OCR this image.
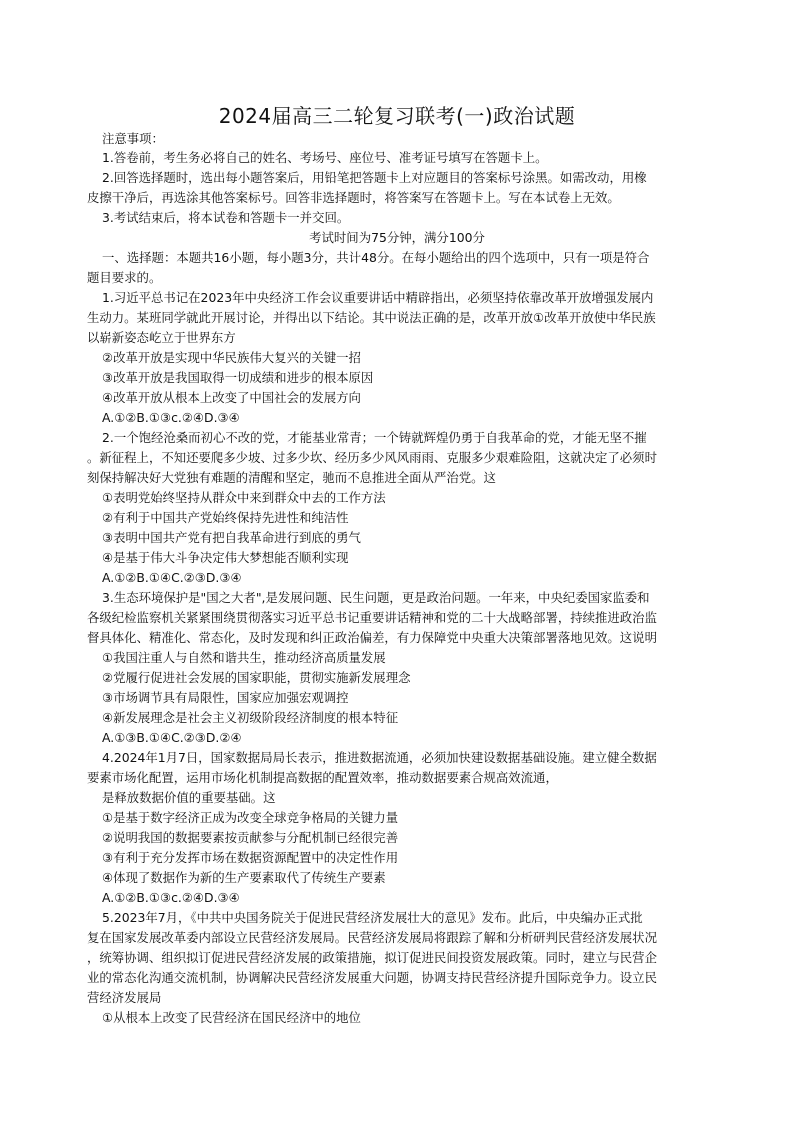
2024届高三二轮复习联考(一)政治试题
注意事项：
1.答卷前，考生务必将自己的姓名、考场号、座位号、准考证号填写在答题卡上。
2.回答选择题时，选出每小题答案后，用铅笔把答题卡上对应题目的答案标号涂黑。如需改动，用橡
皮擦干净后，再选涂其他答案标号。回答非选择题时，将答案写在答题卡上。写在本试卷上无效。
3.考试结束后，将本试卷和答题卡一并交回。
考试时间为75分钟，满分100分
一、选择题：本题共16小题，每小题3分，共计48分。在每小题给出的四个选项中，只有一项是符合
题目要求的。
1.习近平总书记在2023年中央经济工作会议重要讲话中精辟指出，必须坚持依靠改革开放增强发展内
生动力。某班同学就此开展讨论，并得出以下结论。其中说法正确的是，改革开放①改革开放使中华民族
以崭新姿态屹立于世界东方
②改革开放是实现中华民族伟大复兴的关键一招
③改革开放是我国取得一切成绩和进步的根本原因
④改革开放从根本上改变了中国社会的发展方向
A.①②B.①③c.②④D.③④
2.一个饱经沧桑而初心不改的党，才能基业常青；一个铸就辉煌仍勇于自我革命的党，才能无坚不摧
。新征程上，不知还要爬多少坡、过多少坎、经历多少风风雨雨、克服多少艰难险阻，这就决定了必须时
刻保持解决好大党独有难题的清醒和坚定，驰而不息推进全面从严治党。这
①表明党始终坚持从群众中来到群众中去的工作方法
②有利于中国共产党始终保持先进性和纯洁性
③表明中国共产党有把自我革命进行到底的勇气
④是基于伟大斗争决定伟大梦想能否顺利实现
A.①②B.①④C.②③D.③④
3.生态环境保护是"国之大者",是发展问题、民生问题，更是政治问题。一年来，中央纪委国家监委和
各级纪检监察机关紧紧围绕贯彻落实习近平总书记重要讲话精神和党的二十大战略部署，持续推进政治监
督具体化、精准化、常态化，及时发现和纠正政治偏差，有力保障党中央重大决策部署落地见效。这说明
①我国注重人与自然和谐共生，推动经济高质量发展
②党履行促进社会发展的国家职能，贯彻实施新发展理念
③市场调节具有局限性，国家应加强宏观调控
④新发展理念是社会主义初级阶段经济制度的根本特征
A.①③B.①④C.②③D.②④
4.2024年1月7日，国家数据局局长表示，推进数据流通，必须加快建设数据基础设施。建立健全数据
要素市场化配置，运用市场化机制提高数据的配置效率，推动数据要素合规高效流通，
是释放数据价值的重要基础。这
①是基于数字经济正成为改变全球竞争格局的关键力量
②说明我国的数据要素按贡献参与分配机制已经很完善
③有利于充分发挥市场在数据资源配置中的决定性作用
④体现了数据作为新的生产要素取代了传统生产要素
A.①②B.①③c.②④D.③④
5.2023年7月，《中共中央国务院关于促进民营经济发展壮大的意见》发布。此后，中央编办正式批
复在国家发展改革委内部设立民营经济发展局。民营经济发展局将跟踪了解和分析研判民营经济发展状况
，统筹协调、组织拟订促进民营经济发展的政策措施，拟订促进民间投资发展政策。同时，建立与民营企
业的常态化沟通交流机制，协调解决民营经济发展重大问题，协调支持民营经济提升国际竞争力。设立民
营经济发展局
①从根本上改变了民营经济在国民经济中的地位
